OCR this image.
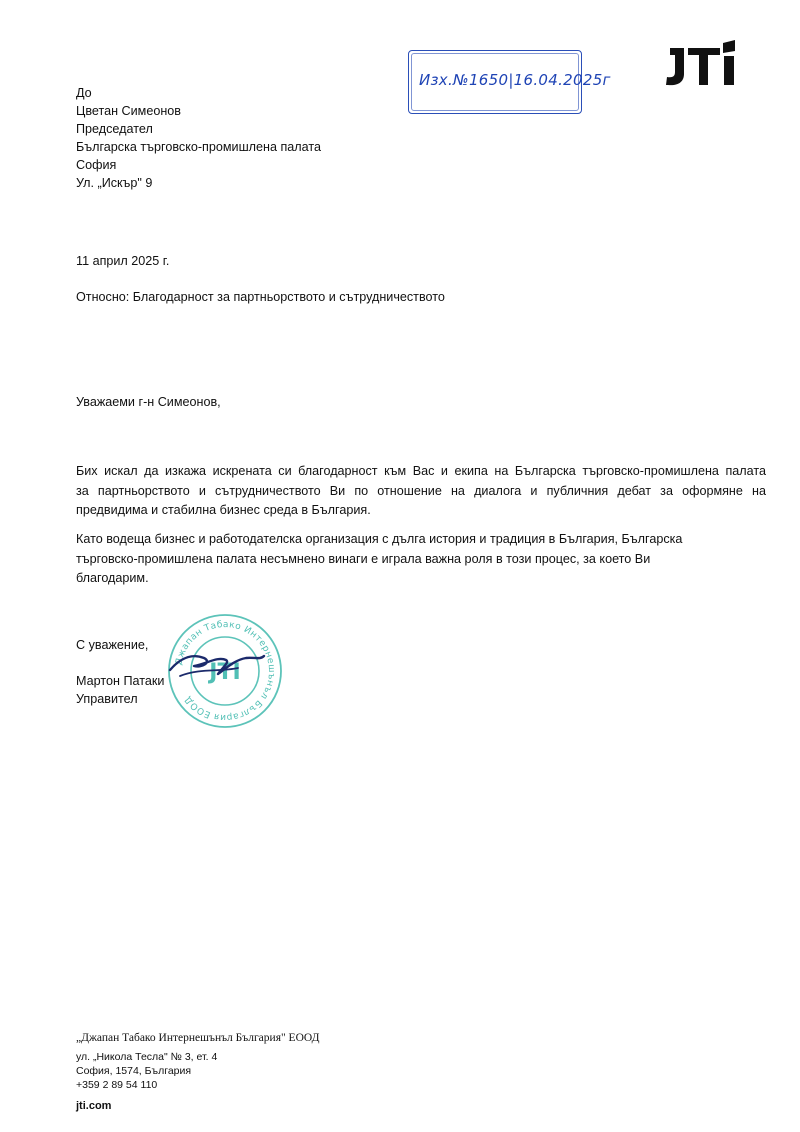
Изх.№1650|16.04.2025г
До
Цветан Симеонов
Председател
Българска търговско-промишлена палата
София
Ул. „Искър" 9
11 април 2025 г.
Относно: Благодарност за партньорството и сътрудничеството
Уважаеми г-н Симеонов,
Бих искал да изкажа искрената си благодарност към Вас и екипа на Българска търговско-промишлена палата
за партньорството и сътрудничеството Ви по отношение на диалога и публичния дебат за оформяне на
предвидима и стабилна бизнес среда в България.
Като водеща бизнес и работодателска организация с дълга история и традиция в България, Българска
търговско-промишлена палата несъмнено винаги е играла важна роля в този процес, за което Ви
благодарим.
С уважение,
Мартон Патаки
Управител
Джапан Табако Интернешънъл България ЕООД
JTI
„Джапан Табако Интернешънъл България" ЕООД
ул. „Никола Тесла" № 3, ет. 4
София, 1574, България
+359 2 89 54 110
jti.com
